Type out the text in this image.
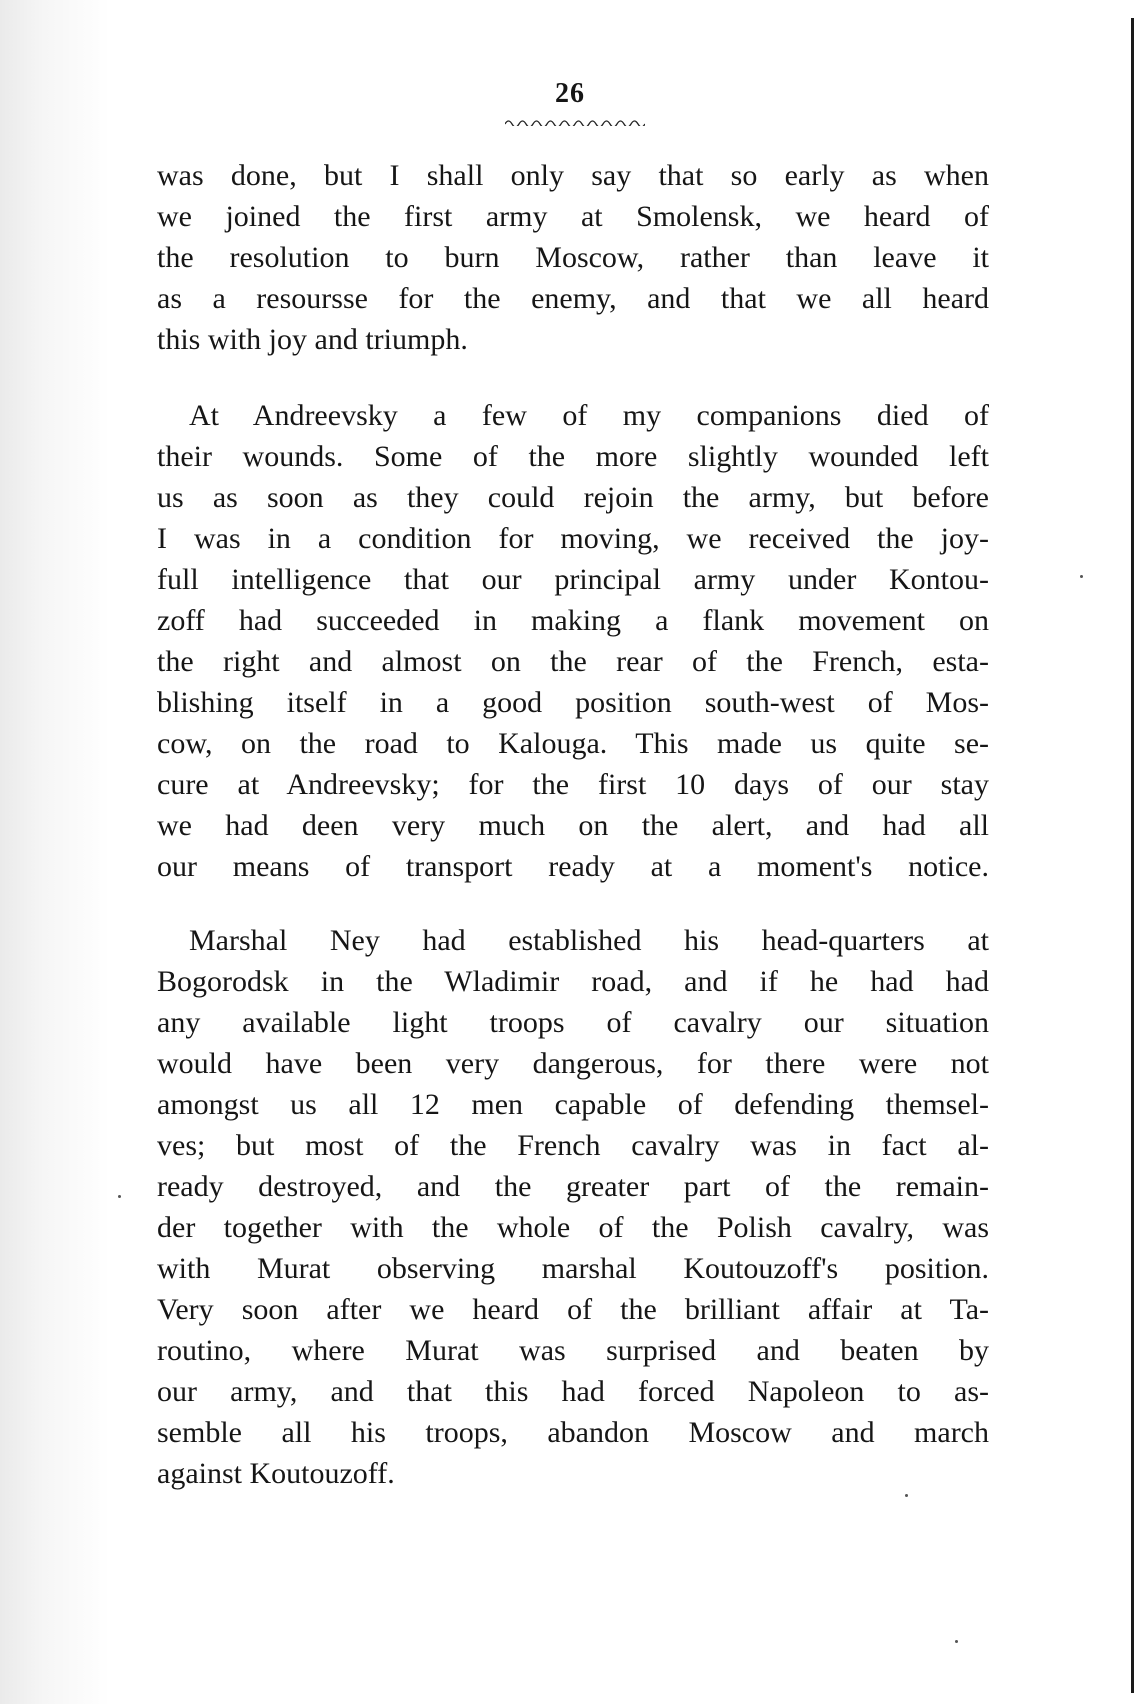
26
was done, but I shall only say that so early as when
we joined the first army at Smolensk, we heard of
the resolution to burn Moscow, rather than leave it
as a resoursse for the enemy, and that we all heard
this with joy and triumph.
At Andreevsky a few of my companions died of
their wounds. Some of the more slightly wounded left
us as soon as they could rejoin the army, but before
I was in a condition for moving, we received the joy-
full intelligence that our principal army under Kontou-
zoff had succeeded in making a flank movement on
the right and almost on the rear of the French, esta-
blishing itself in a good position south-west of Mos-
cow, on the road to Kalouga. This made us quite se-
cure at Andreevsky; for the first 10 days of our stay
we had deen very much on the alert, and had all
our means of transport ready at a moment's notice.
Marshal Ney had established his head-quarters at
Bogorodsk in the Wladimir road, and if he had had
any available light troops of cavalry our situation
would have been very dangerous, for there were not
amongst us all 12 men capable of defending themsel-
ves; but most of the French cavalry was in fact al-
ready destroyed, and the greater part of the remain-
der together with the whole of the Polish cavalry, was
with Murat observing marshal Koutouzoff's position.
Very soon after we heard of the brilliant affair at Ta-
routino, where Murat was surprised and beaten by
our army, and that this had forced Napoleon to as-
semble all his troops, abandon Moscow and march
against Koutouzoff.
